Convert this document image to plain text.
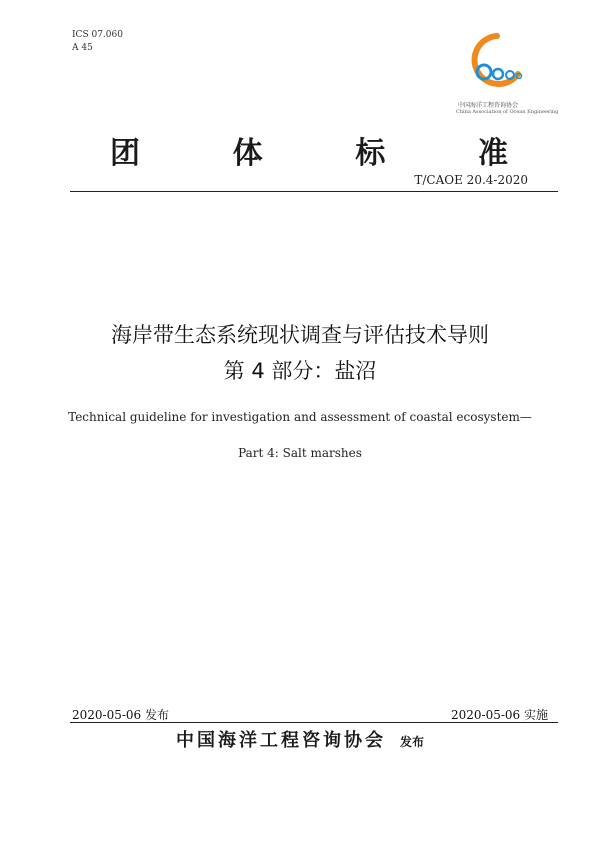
ICS 07.060
A 45
中国海洋工程咨询协会
China Association of Ocean Engineering
团	体	标	准
T/CAOE 20.4-2020
海岸带生态系统现状调查与评估技术导则
第 4 部分：盐沼
Technical guideline for investigation and assessment of coastal ecosystem—
Part 4: Salt marshes
2020-05-06 发布	2020-05-06 实施
中国海洋工程咨询协会 发布
